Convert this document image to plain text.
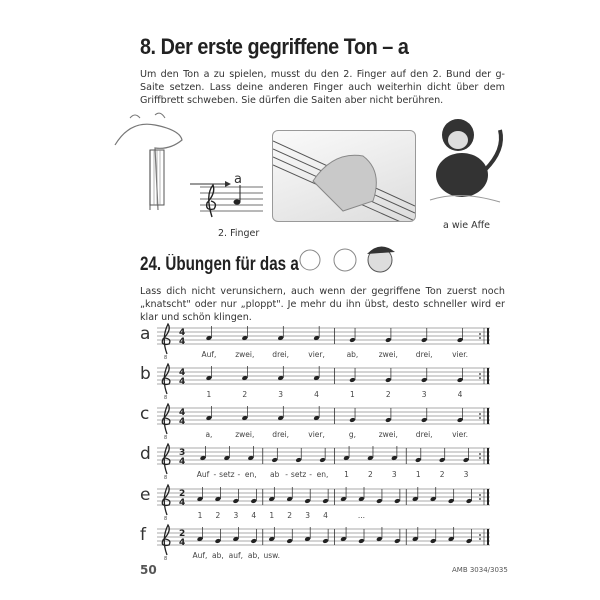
8. Der erste gegriffene Ton – a
Um den Ton a zu spielen, musst du den 2. Finger auf den 2. Bund der g-Saite setzen. Lass deine anderen Finger auch weiterhin dicht über dem Griffbrett schweben. Sie dürfen die Saiten aber nicht berühren.
a
2. Finger
a wie Affe
24. Übungen für das a
Lass dich nicht verunsichern, auch wenn der gegriffene Ton zuerst noch „knatscht" oder nur „ploppt". Je mehr du ihn übst, desto schneller wird er klar und schön klingen.
a
8
4
4
Auf,	zwei, drei,	vier,	ab,	zwei, drei,	vier.
b
8
4
4
1	2	3	4	1	2	3	4
c
8
4
4
a,	zwei, drei,	vier,	g,	zwei, drei,	vier.
d
8
3
4
Auf - setz - en, ab - setz - en, 1	2	3	1	2	3
e
8
2
4
1 2 3 4 1 2 3 4	...
f
8
2
4
Auf, ab, auf, ab, usw.
50	AMB 3034/3035
